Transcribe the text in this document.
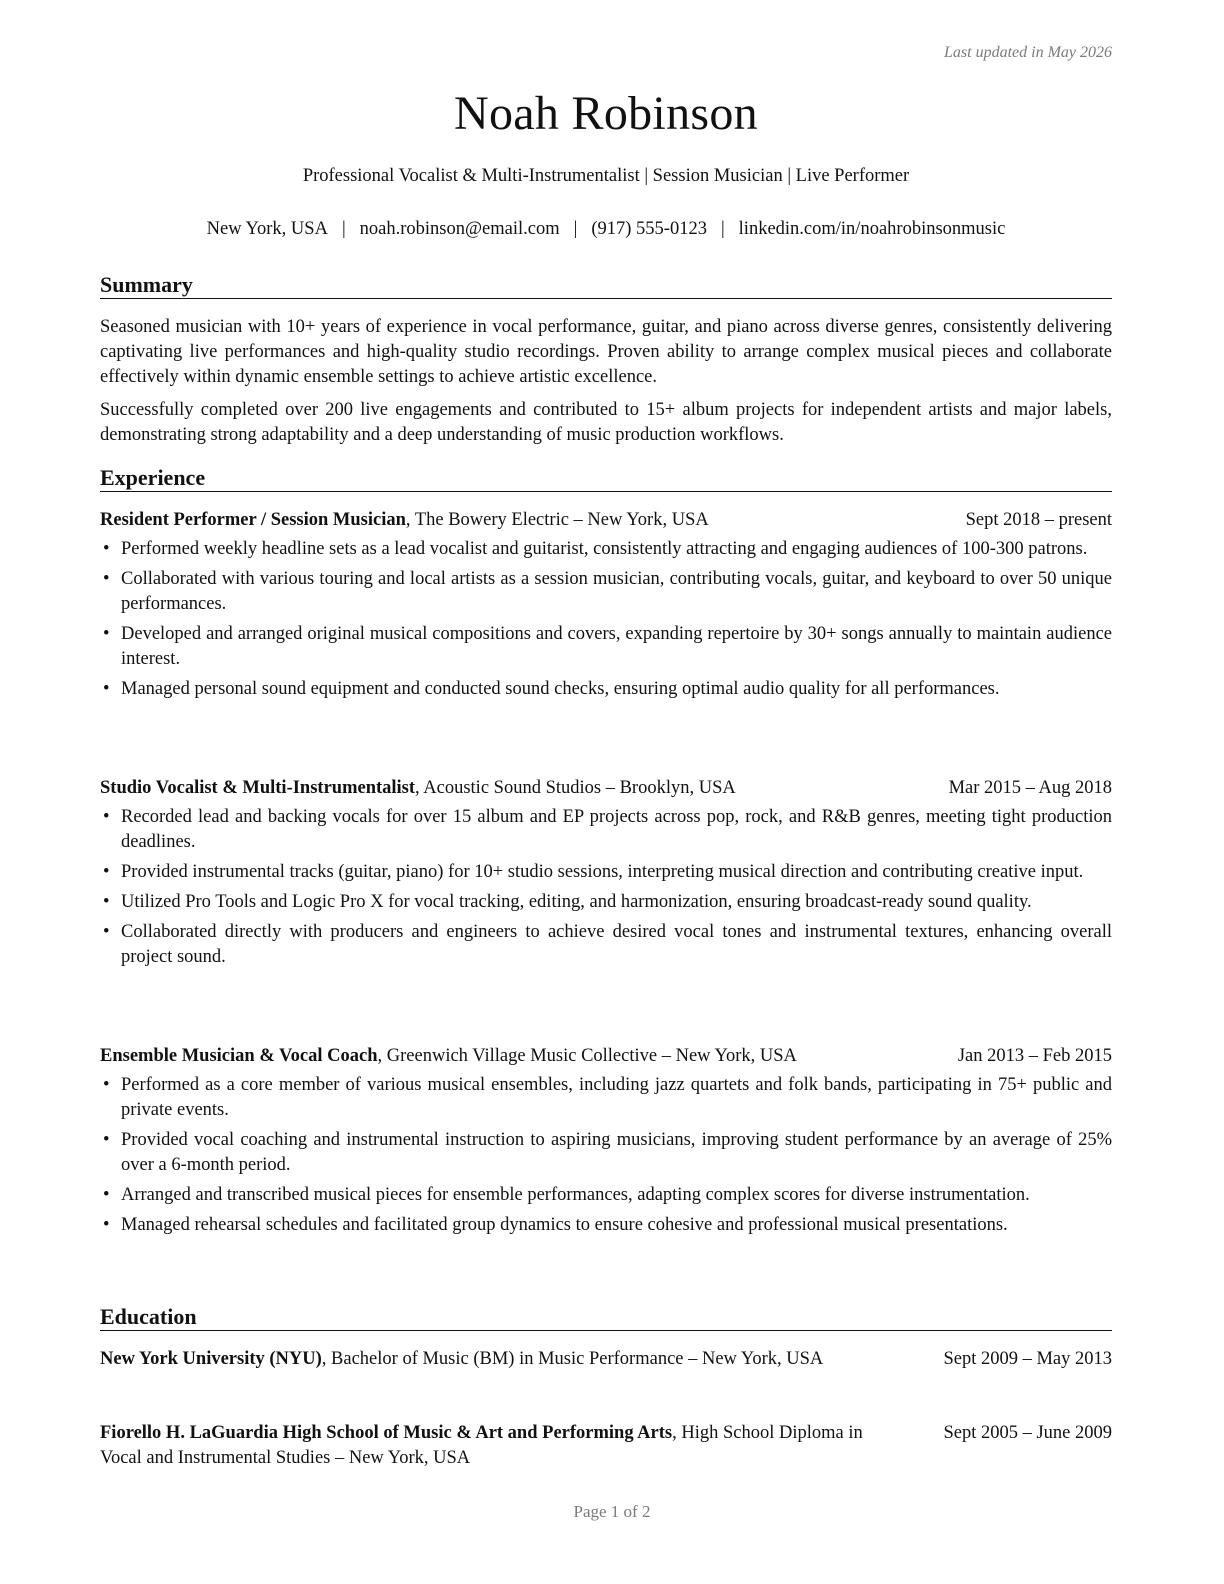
Last updated in May 2026
Noah Robinson
Professional Vocalist & Multi-Instrumentalist | Session Musician | Live Performer
New York, USA | noah.robinson@email.com | (917) 555-0123 | linkedin.com/in/noahrobinsonmusic
Summary

Seasoned musician with 10+ years of experience in vocal performance, guitar, and piano across diverse genres, consistently delivering captivating live performances and high-quality studio recordings. Proven ability to arrange complex musical pieces and collaborate effectively within dynamic ensemble settings to achieve artistic excellence.

Successfully completed over 200 live engagements and contributed to 15+ album projects for independent artists and major labels, demonstrating strong adaptability and a deep understanding of music production workflows.

Experience
Resident Performer / Session Musician, The Bowery Electric – New York, USA	Sept 2018 – present
• Performed weekly headline sets as a lead vocalist and guitarist, consistently attracting and engaging audiences of 100-300 patrons.
• Collaborated with various touring and local artists as a session musician, contributing vocals, guitar, and keyboard to over 50 unique performances.
• Developed and arranged original musical compositions and covers, expanding repertoire by 30+ songs annually to maintain audience interest.
• Managed personal sound equipment and conducted sound checks, ensuring optimal audio quality for all performances.
Studio Vocalist & Multi-Instrumentalist, Acoustic Sound Studios – Brooklyn, USA	Mar 2015 – Aug 2018
• Recorded lead and backing vocals for over 15 album and EP projects across pop, rock, and R&B genres, meeting tight production deadlines.
• Provided instrumental tracks (guitar, piano) for 10+ studio sessions, interpreting musical direction and contributing creative input.
• Utilized Pro Tools and Logic Pro X for vocal tracking, editing, and harmonization, ensuring broadcast-ready sound quality.
• Collaborated directly with producers and engineers to achieve desired vocal tones and instrumental textures, enhancing overall project sound.
Ensemble Musician & Vocal Coach, Greenwich Village Music Collective – New York, USA	Jan 2013 – Feb 2015
• Performed as a core member of various musical ensembles, including jazz quartets and folk bands, participating in 75+ public and private events.
• Provided vocal coaching and instrumental instruction to aspiring musicians, improving student performance by an average of 25% over a 6-month period.
• Arranged and transcribed musical pieces for ensemble performances, adapting complex scores for diverse instrumentation.
• Managed rehearsal schedules and facilitated group dynamics to ensure cohesive and professional musical presentations.
Education
New York University (NYU), Bachelor of Music (BM) in Music Performance – New York, USA	Sept 2009 – May 2013
Fiorello H. LaGuardia High School of Music & Art and Performing Arts, High School Diploma in Vocal and Instrumental Studies – New York, USA
Sept 2005 – June 2009
Page 1 of 2
